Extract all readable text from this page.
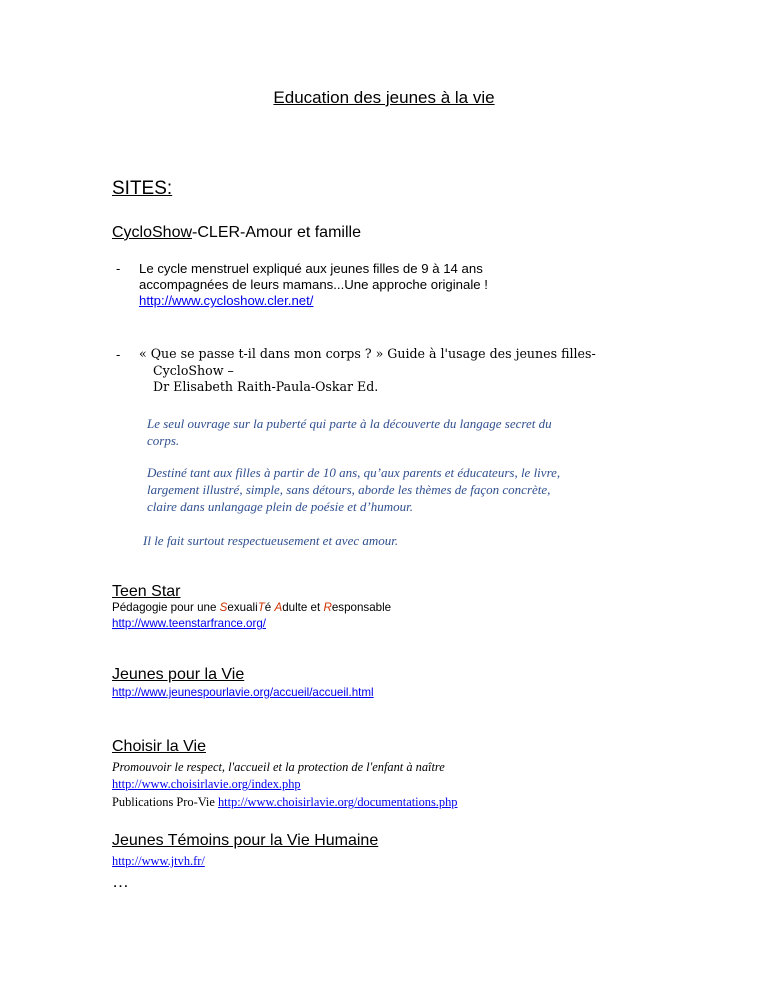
Education des jeunes à la vie
SITES:
CycloShow-CLER-Amour et famille
- Le cycle menstruel expliqué aux jeunes filles de 9 à 14 ans
accompagnées de leurs mamans...Une approche originale !
http://www.cycloshow.cler.net/
- « Que se passe t-il dans mon corps ? » Guide à l'usage des jeunes filles-
CycloShow –
Dr Elisabeth Raith-Paula-Oskar Ed.
Le seul ouvrage sur la puberté qui parte à la découverte du langage secret du
corps.
Destiné tant aux filles à partir de 10 ans, qu’aux parents et éducateurs, le livre,
largement illustré, simple, sans détours, aborde les thèmes de façon concrète,
claire dans unlangage plein de poésie et d’humour.
Il le fait surtout respectueusement et avec amour.
Teen Star
Pédagogie pour une SexualiTé Adulte et Responsable
http://www.teenstarfrance.org/
Jeunes pour la Vie
http://www.jeunespourlavie.org/accueil/accueil.html
Choisir la Vie
Promouvoir le respect, l'accueil et la protection de l'enfant à naître
http://www.choisirlavie.org/index.php
Publications Pro-Vie http://www.choisirlavie.org/documentations.php
Jeunes Témoins pour la Vie Humaine
http://www.jtvh.fr/
…
